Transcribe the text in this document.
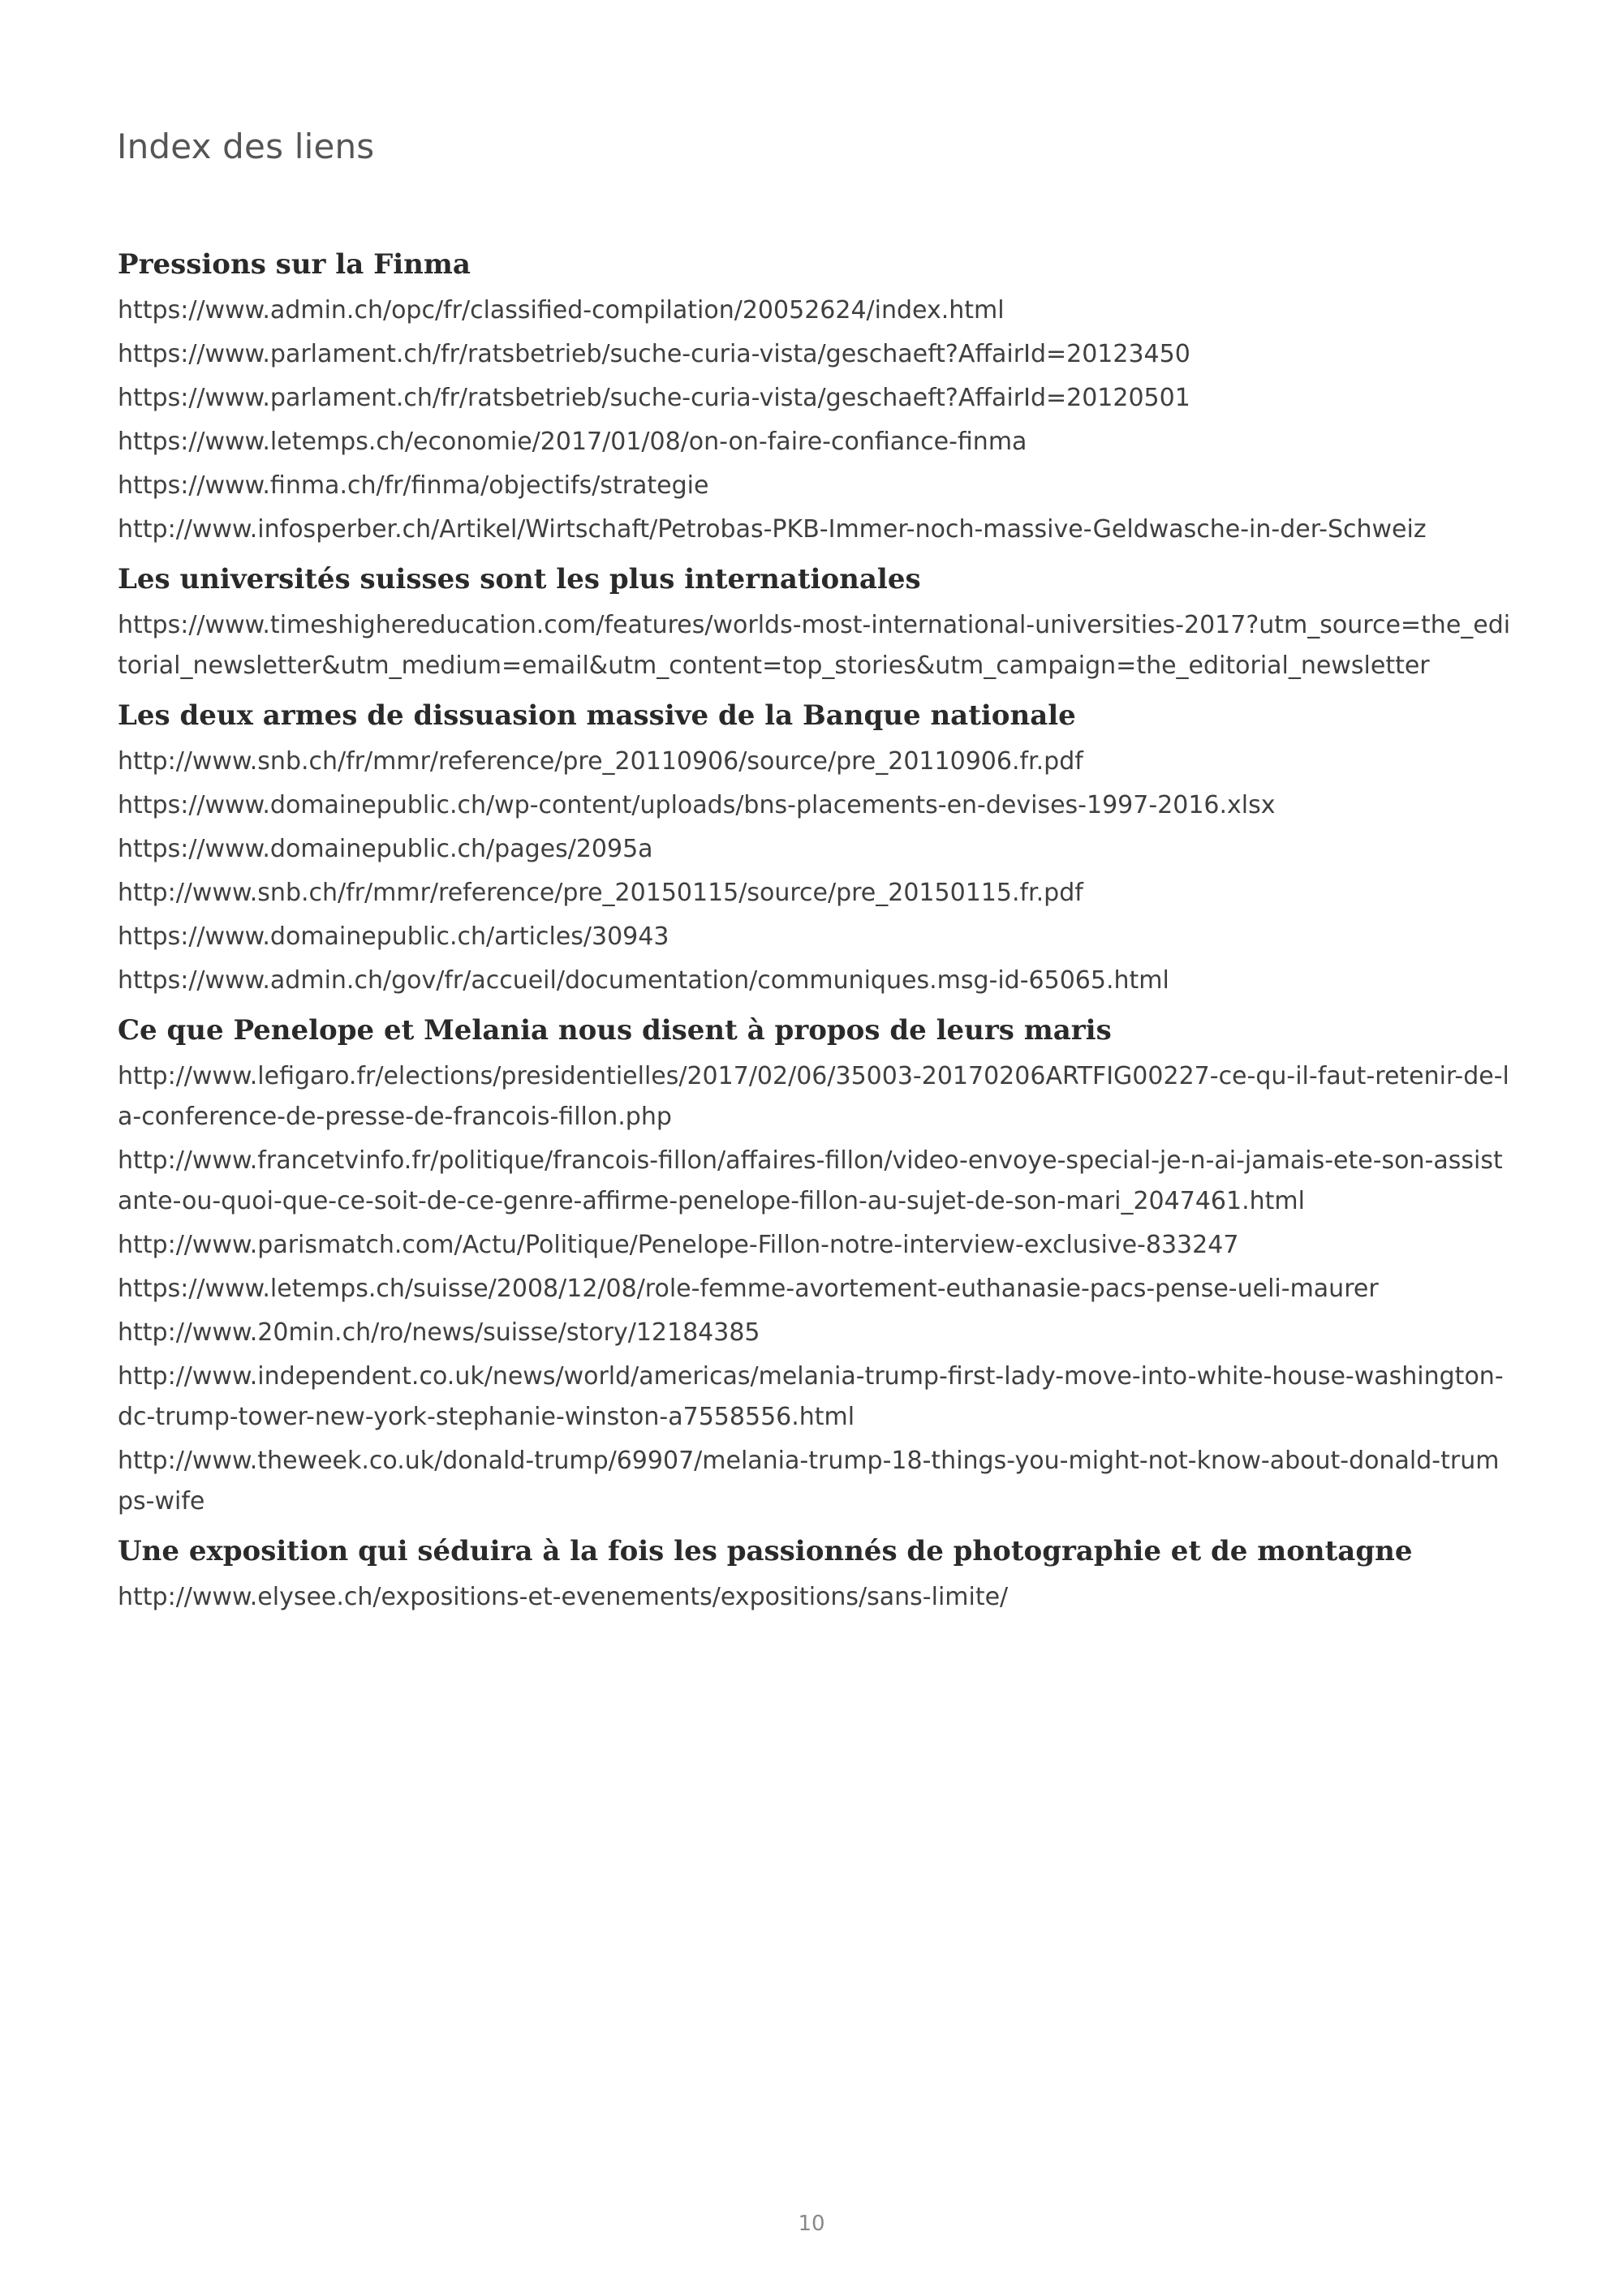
Index des liens
Pressions sur la Finma
https://www.admin.ch/opc/fr/classified-compilation/20052624/index.html
https://www.parlament.ch/fr/ratsbetrieb/suche-curia-vista/geschaeft?AffairId=20123450
https://www.parlament.ch/fr/ratsbetrieb/suche-curia-vista/geschaeft?AffairId=20120501
https://www.letemps.ch/economie/2017/01/08/on-on-faire-confiance-finma
https://www.finma.ch/fr/finma/objectifs/strategie
http://www.infosperber.ch/Artikel/Wirtschaft/Petrobas-PKB-Immer-noch-massive-Geldwasche-in-der-Schweiz
Les universités suisses sont les plus internationales
https://www.timeshighereducation.com/features/worlds-most-international-universities-2017?utm_source=the_editorial_newsletter&utm_medium=email&utm_content=top_stories&utm_campaign=the_editorial_newsletter
Les deux armes de dissuasion massive de la Banque nationale
http://www.snb.ch/fr/mmr/reference/pre_20110906/source/pre_20110906.fr.pdf
https://www.domainepublic.ch/wp-content/uploads/bns-placements-en-devises-1997-2016.xlsx
https://www.domainepublic.ch/pages/2095a
http://www.snb.ch/fr/mmr/reference/pre_20150115/source/pre_20150115.fr.pdf
https://www.domainepublic.ch/articles/30943
https://www.admin.ch/gov/fr/accueil/documentation/communiques.msg-id-65065.html
Ce que Penelope et Melania nous disent à propos de leurs maris
http://www.lefigaro.fr/elections/presidentielles/2017/02/06/35003-20170206ARTFIG00227-ce-qu-il-faut-retenir-de-la-conference-de-presse-de-francois-fillon.php
http://www.francetvinfo.fr/politique/francois-fillon/affaires-fillon/video-envoye-special-je-n-ai-jamais-ete-son-assistante-ou-quoi-que-ce-soit-de-ce-genre-affirme-penelope-fillon-au-sujet-de-son-mari_2047461.html
http://www.parismatch.com/Actu/Politique/Penelope-Fillon-notre-interview-exclusive-833247
https://www.letemps.ch/suisse/2008/12/08/role-femme-avortement-euthanasie-pacs-pense-ueli-maurer
http://www.20min.ch/ro/news/suisse/story/12184385
http://www.independent.co.uk/news/world/americas/melania-trump-first-lady-move-into-white-house-washington-dc-trump-tower-new-york-stephanie-winston-a7558556.html
http://www.theweek.co.uk/donald-trump/69907/melania-trump-18-things-you-might-not-know-about-donald-trumps-wife
Une exposition qui séduira à la fois les passionnés de photographie et de montagne
http://www.elysee.ch/expositions-et-evenements/expositions/sans-limite/
10
